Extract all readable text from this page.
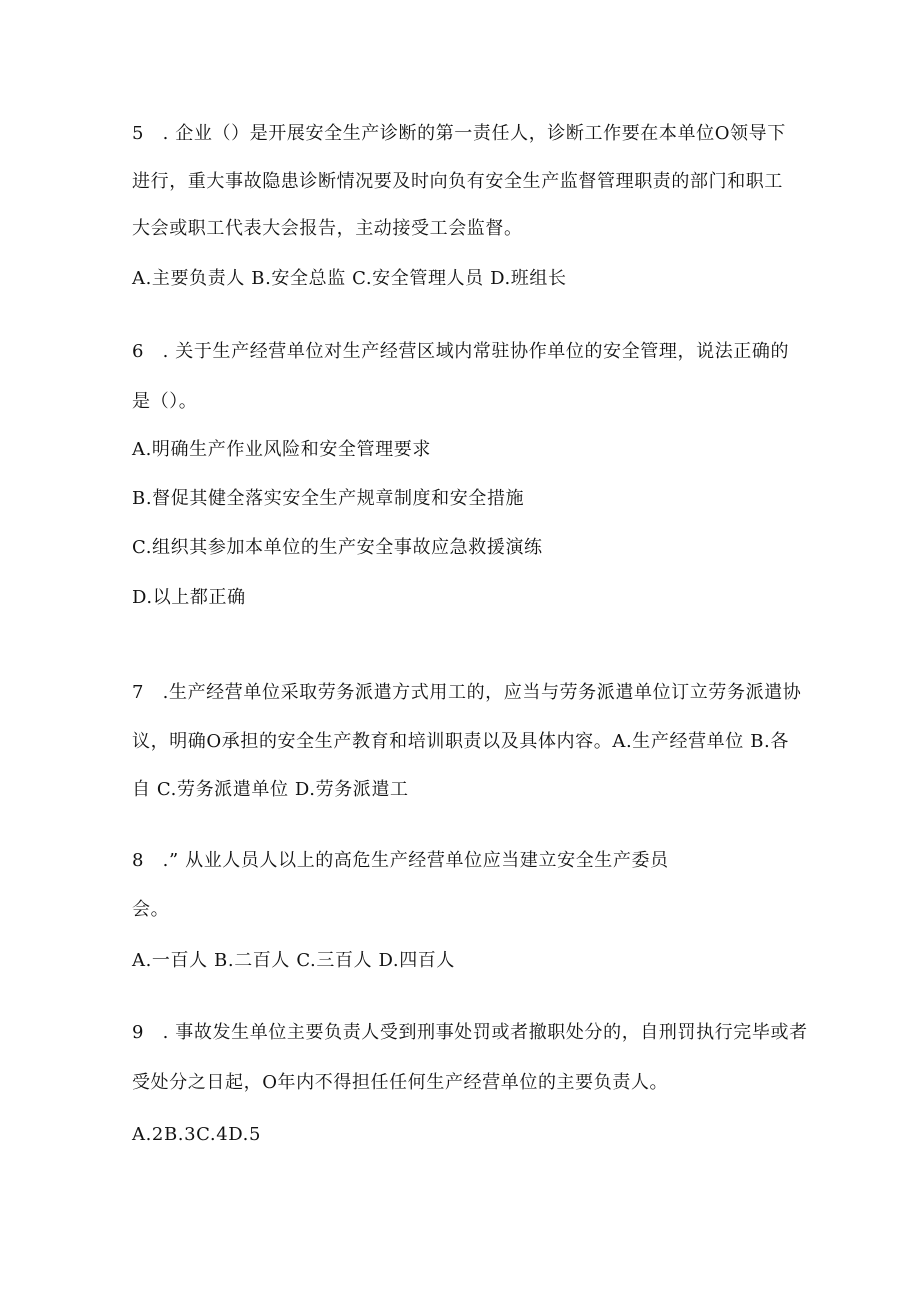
5　. 企业（）是开展安全生产诊断的第一责任人，诊断工作要在本单位O领导下
进行，重大事故隐患诊断情况要及时向负有安全生产监督管理职责的部门和职工
大会或职工代表大会报告，主动接受工会监督。
A.主要负责人 B.安全总监 C.安全管理人员 D.班组长
6　. 关于生产经营单位对生产经营区域内常驻协作单位的安全管理，说法正确的
是（）。
A.明确生产作业风险和安全管理要求
B.督促其健全落实安全生产规章制度和安全措施
C.组织其参加本单位的生产安全事故应急救援演练
D.以上都正确
7　.生产经营单位采取劳务派遣方式用工的，应当与劳务派遣单位订立劳务派遣协
议，明确O承担的安全生产教育和培训职责以及具体内容。A.生产经营单位 B.各
自 C.劳务派遣单位 D.劳务派遣工
8　.” 从业人员人以上的高危生产经营单位应当建立安全生产委员
会。
A.一百人 B.二百人 C.三百人 D.四百人
9　. 事故发生单位主要负责人受到刑事处罚或者撤职处分的，自刑罚执行完毕或者
受处分之日起，O年内不得担任任何生产经营单位的主要负责人。
A.2B.3C.4D.5
